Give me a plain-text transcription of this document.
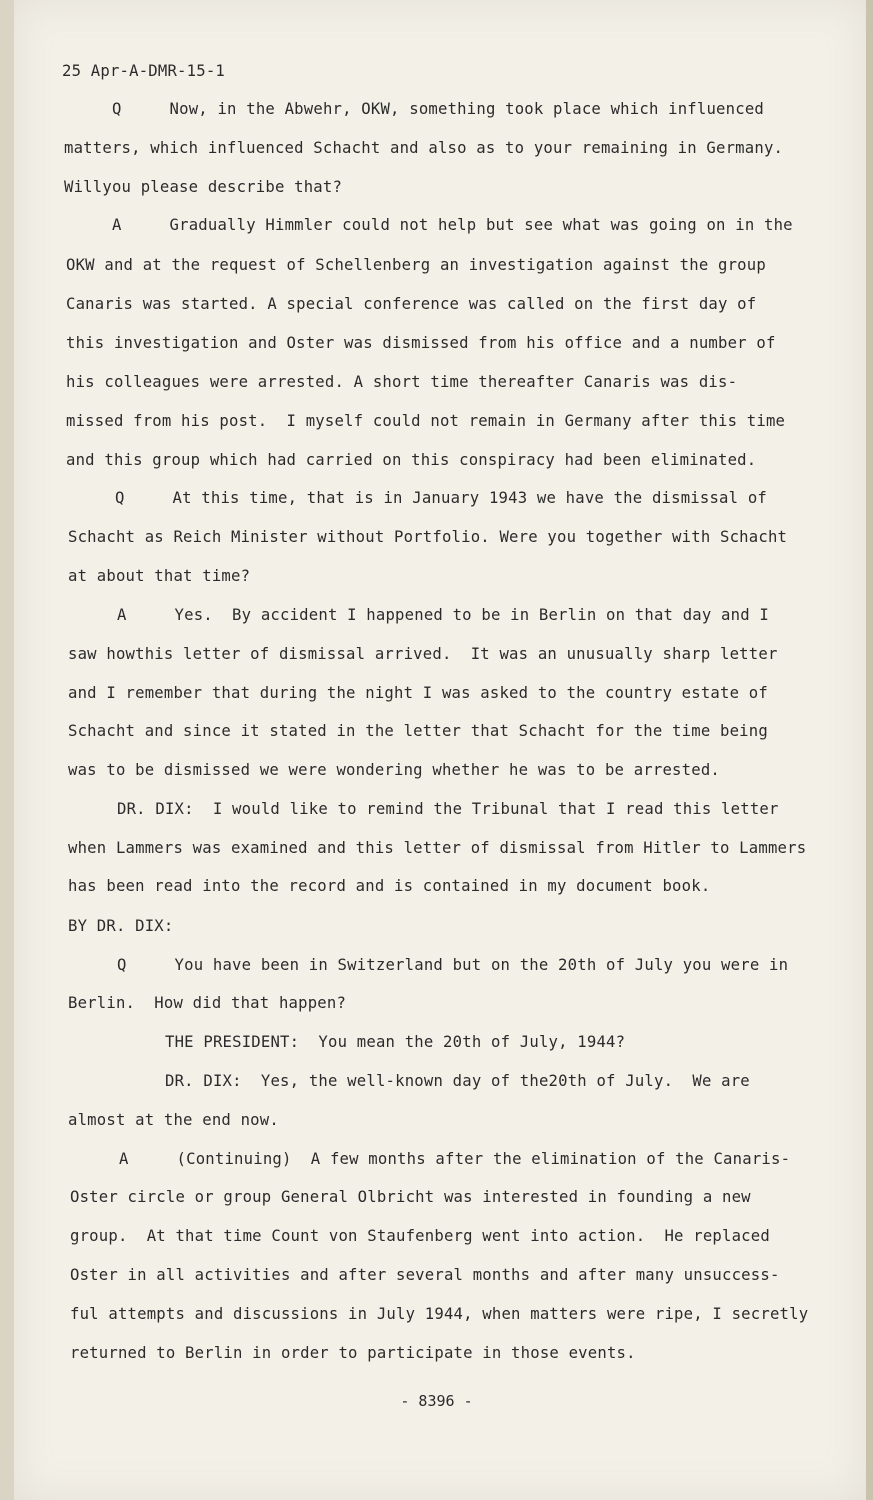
25 Apr-A-DMR-15-1
Q     Now, in the Abwehr, OKW, something took place which influenced
matters, which influenced Schacht and also as to your remaining in Germany.
Willyou please describe that?
A     Gradually Himmler could not help but see what was going on in the
OKW and at the request of Schellenberg an investigation against the group
Canaris was started. A special conference was called on the first day of
this investigation and Oster was dismissed from his office and a number of
his colleagues were arrested. A short time thereafter Canaris was dis-
missed from his post.  I myself could not remain in Germany after this time
and this group which had carried on this conspiracy had been eliminated.
Q     At this time, that is in January 1943 we have the dismissal of
Schacht as Reich Minister without Portfolio. Were you together with Schacht
at about that time?
A     Yes.  By accident I happened to be in Berlin on that day and I
saw howthis letter of dismissal arrived.  It was an unusually sharp letter
and I remember that during the night I was asked to the country estate of
Schacht and since it stated in the letter that Schacht for the time being
was to be dismissed we were wondering whether he was to be arrested.
DR. DIX:  I would like to remind the Tribunal that I read this letter
when Lammers was examined and this letter of dismissal from Hitler to Lammers
has been read into the record and is contained in my document book.
BY DR. DIX:
Q     You have been in Switzerland but on the 20th of July you were in
Berlin.  How did that happen?
THE PRESIDENT:  You mean the 20th of July, 1944?
DR. DIX:  Yes, the well-known day of the20th of July.  We are
almost at the end now.
A     (Continuing)  A few months after the elimination of the Canaris-
Oster circle or group General Olbricht was interested in founding a new
group.  At that time Count von Staufenberg went into action.  He replaced
Oster in all activities and after several months and after many unsuccess-
ful attempts and discussions in July 1944, when matters were ripe, I secretly
returned to Berlin in order to participate in those events.
- 8396 -
